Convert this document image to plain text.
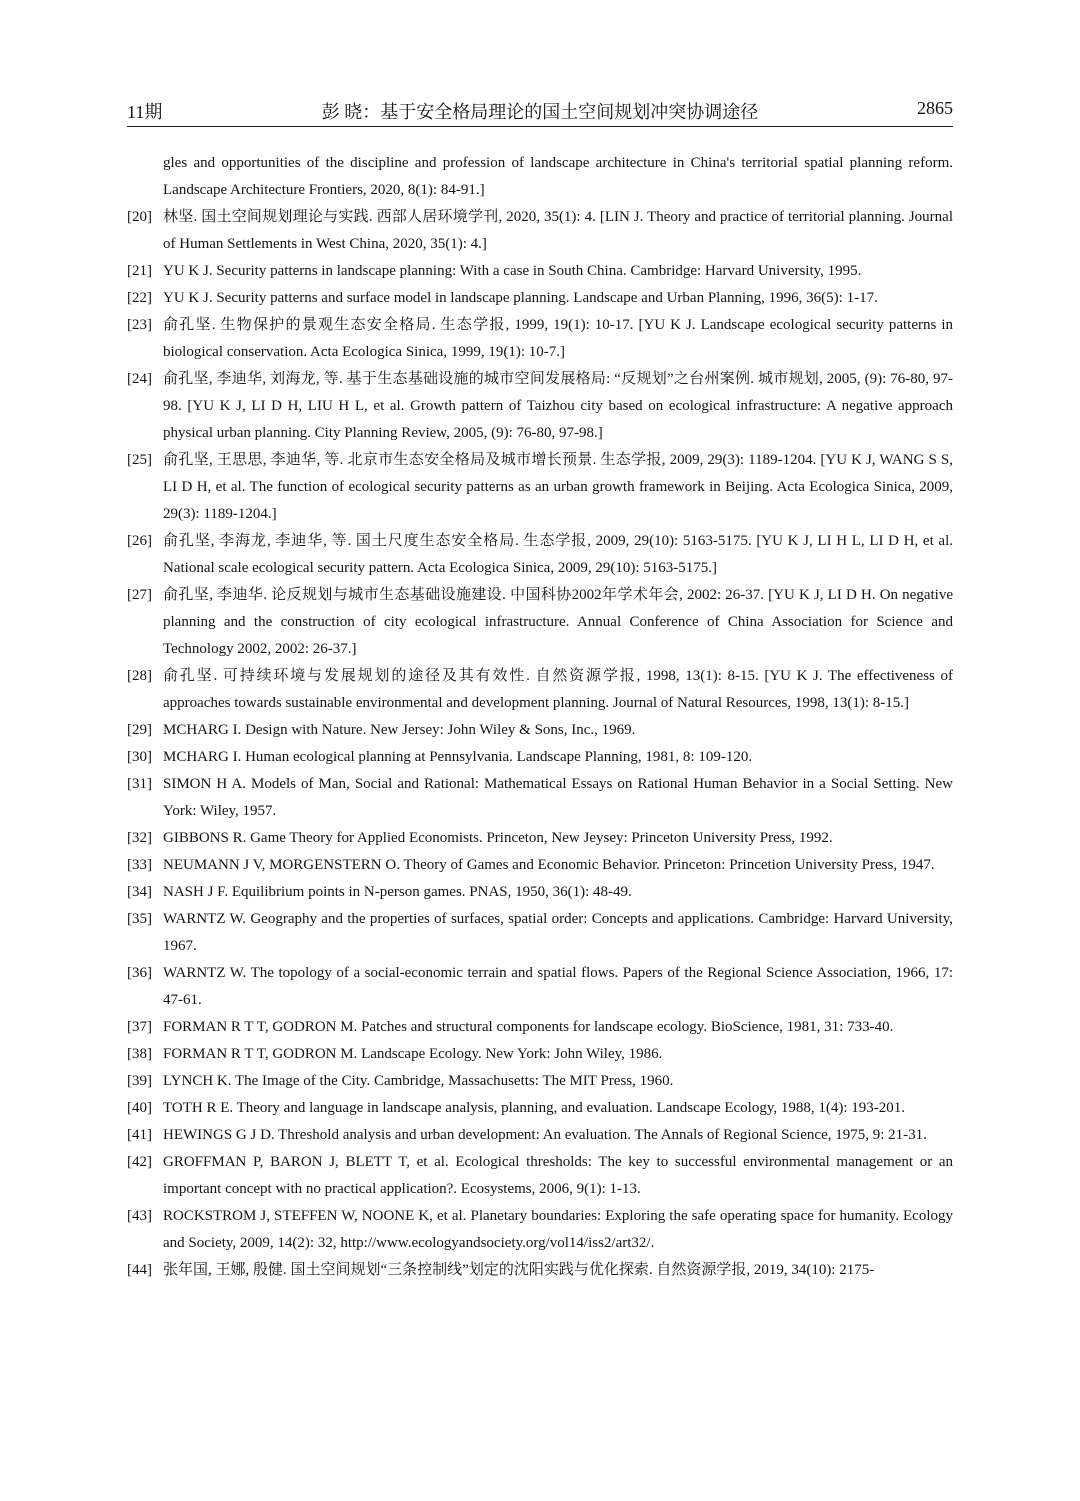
11期	彭 晓：基于安全格局理论的国土空间规划冲突协调途径	2865
gles and opportunities of the discipline and profession of landscape architecture in China's territorial spatial planning reform. Landscape Architecture Frontiers, 2020, 8(1): 84-91.]
[20] 林坚. 国土空间规划理论与实践. 西部人居环境学刊, 2020, 35(1): 4. [LIN J. Theory and practice of territorial planning. Journal of Human Settlements in West China, 2020, 35(1): 4.]
[21] YU K J. Security patterns in landscape planning: With a case in South China. Cambridge: Harvard University, 1995.
[22] YU K J. Security patterns and surface model in landscape planning. Landscape and Urban Planning, 1996, 36(5): 1-17.
[23] 俞孔坚. 生物保护的景观生态安全格局. 生态学报, 1999, 19(1): 10-17. [YU K J. Landscape ecological security patterns in biological conservation. Acta Ecologica Sinica, 1999, 19(1): 10-7.]
[24] 俞孔坚, 李迪华, 刘海龙, 等. 基于生态基础设施的城市空间发展格局: “反规划”之台州案例. 城市规划, 2005, (9): 76-80, 97-98. [YU K J, LI D H, LIU H L, et al. Growth pattern of Taizhou city based on ecological infrastructure: A negative approach physical urban planning. City Planning Review, 2005, (9): 76-80, 97-98.]
[25] 俞孔坚, 王思思, 李迪华, 等. 北京市生态安全格局及城市增长预景. 生态学报, 2009, 29(3): 1189-1204. [YU K J, WANG S S, LI D H, et al. The function of ecological security patterns as an urban growth framework in Beijing. Acta Ecologica Sinica, 2009, 29(3): 1189-1204.]
[26] 俞孔坚, 李海龙, 李迪华, 等. 国土尺度生态安全格局. 生态学报, 2009, 29(10): 5163-5175. [YU K J, LI H L, LI D H, et al. National scale ecological security pattern. Acta Ecologica Sinica, 2009, 29(10): 5163-5175.]
[27] 俞孔坚, 李迪华. 论反规划与城市生态基础设施建设. 中国科协2002年学术年会, 2002: 26-37. [YU K J, LI D H. On negative planning and the construction of city ecological infrastructure. Annual Conference of China Association for Science and Technology 2002, 2002: 26-37.]
[28] 俞孔坚. 可持续环境与发展规划的途径及其有效性. 自然资源学报, 1998, 13(1): 8-15. [YU K J. The effectiveness of approaches towards sustainable environmental and development planning. Journal of Natural Resources, 1998, 13(1): 8-15.]
[29] MCHARG I. Design with Nature. New Jersey: John Wiley & Sons, Inc., 1969.
[30] MCHARG I. Human ecological planning at Pennsylvania. Landscape Planning, 1981, 8: 109-120.
[31] SIMON H A. Models of Man, Social and Rational: Mathematical Essays on Rational Human Behavior in a Social Setting. New York: Wiley, 1957.
[32] GIBBONS R. Game Theory for Applied Economists. Princeton, New Jeysey: Princeton University Press, 1992.
[33] NEUMANN J V, MORGENSTERN O. Theory of Games and Economic Behavior. Princeton: Princetion University Press, 1947.
[34] NASH J F. Equilibrium points in N-person games. PNAS, 1950, 36(1): 48-49.
[35] WARNTZ W. Geography and the properties of surfaces, spatial order: Concepts and applications. Cambridge: Harvard University, 1967.
[36] WARNTZ W. The topology of a social-economic terrain and spatial flows. Papers of the Regional Science Association, 1966, 17: 47-61.
[37] FORMAN R T T, GODRON M. Patches and structural components for landscape ecology. BioScience, 1981, 31: 733-40.
[38] FORMAN R T T, GODRON M. Landscape Ecology. New York: John Wiley, 1986.
[39] LYNCH K. The Image of the City. Cambridge, Massachusetts: The MIT Press, 1960.
[40] TOTH R E. Theory and language in landscape analysis, planning, and evaluation. Landscape Ecology, 1988, 1(4): 193-201.
[41] HEWINGS G J D. Threshold analysis and urban development: An evaluation. The Annals of Regional Science, 1975, 9: 21-31.
[42] GROFFMAN P, BARON J, BLETT T, et al. Ecological thresholds: The key to successful environmental management or an important concept with no practical application?. Ecosystems, 2006, 9(1): 1-13.
[43] ROCKSTROM J, STEFFEN W, NOONE K, et al. Planetary boundaries: Exploring the safe operating space for humanity. Ecology and Society, 2009, 14(2): 32, http://www.ecologyandsociety.org/vol14/iss2/art32/.
[44] 张年国, 王娜, 殷健. 国土空间规划“三条控制线”划定的沈阳实践与优化探索. 自然资源学报, 2019, 34(10): 2175-
